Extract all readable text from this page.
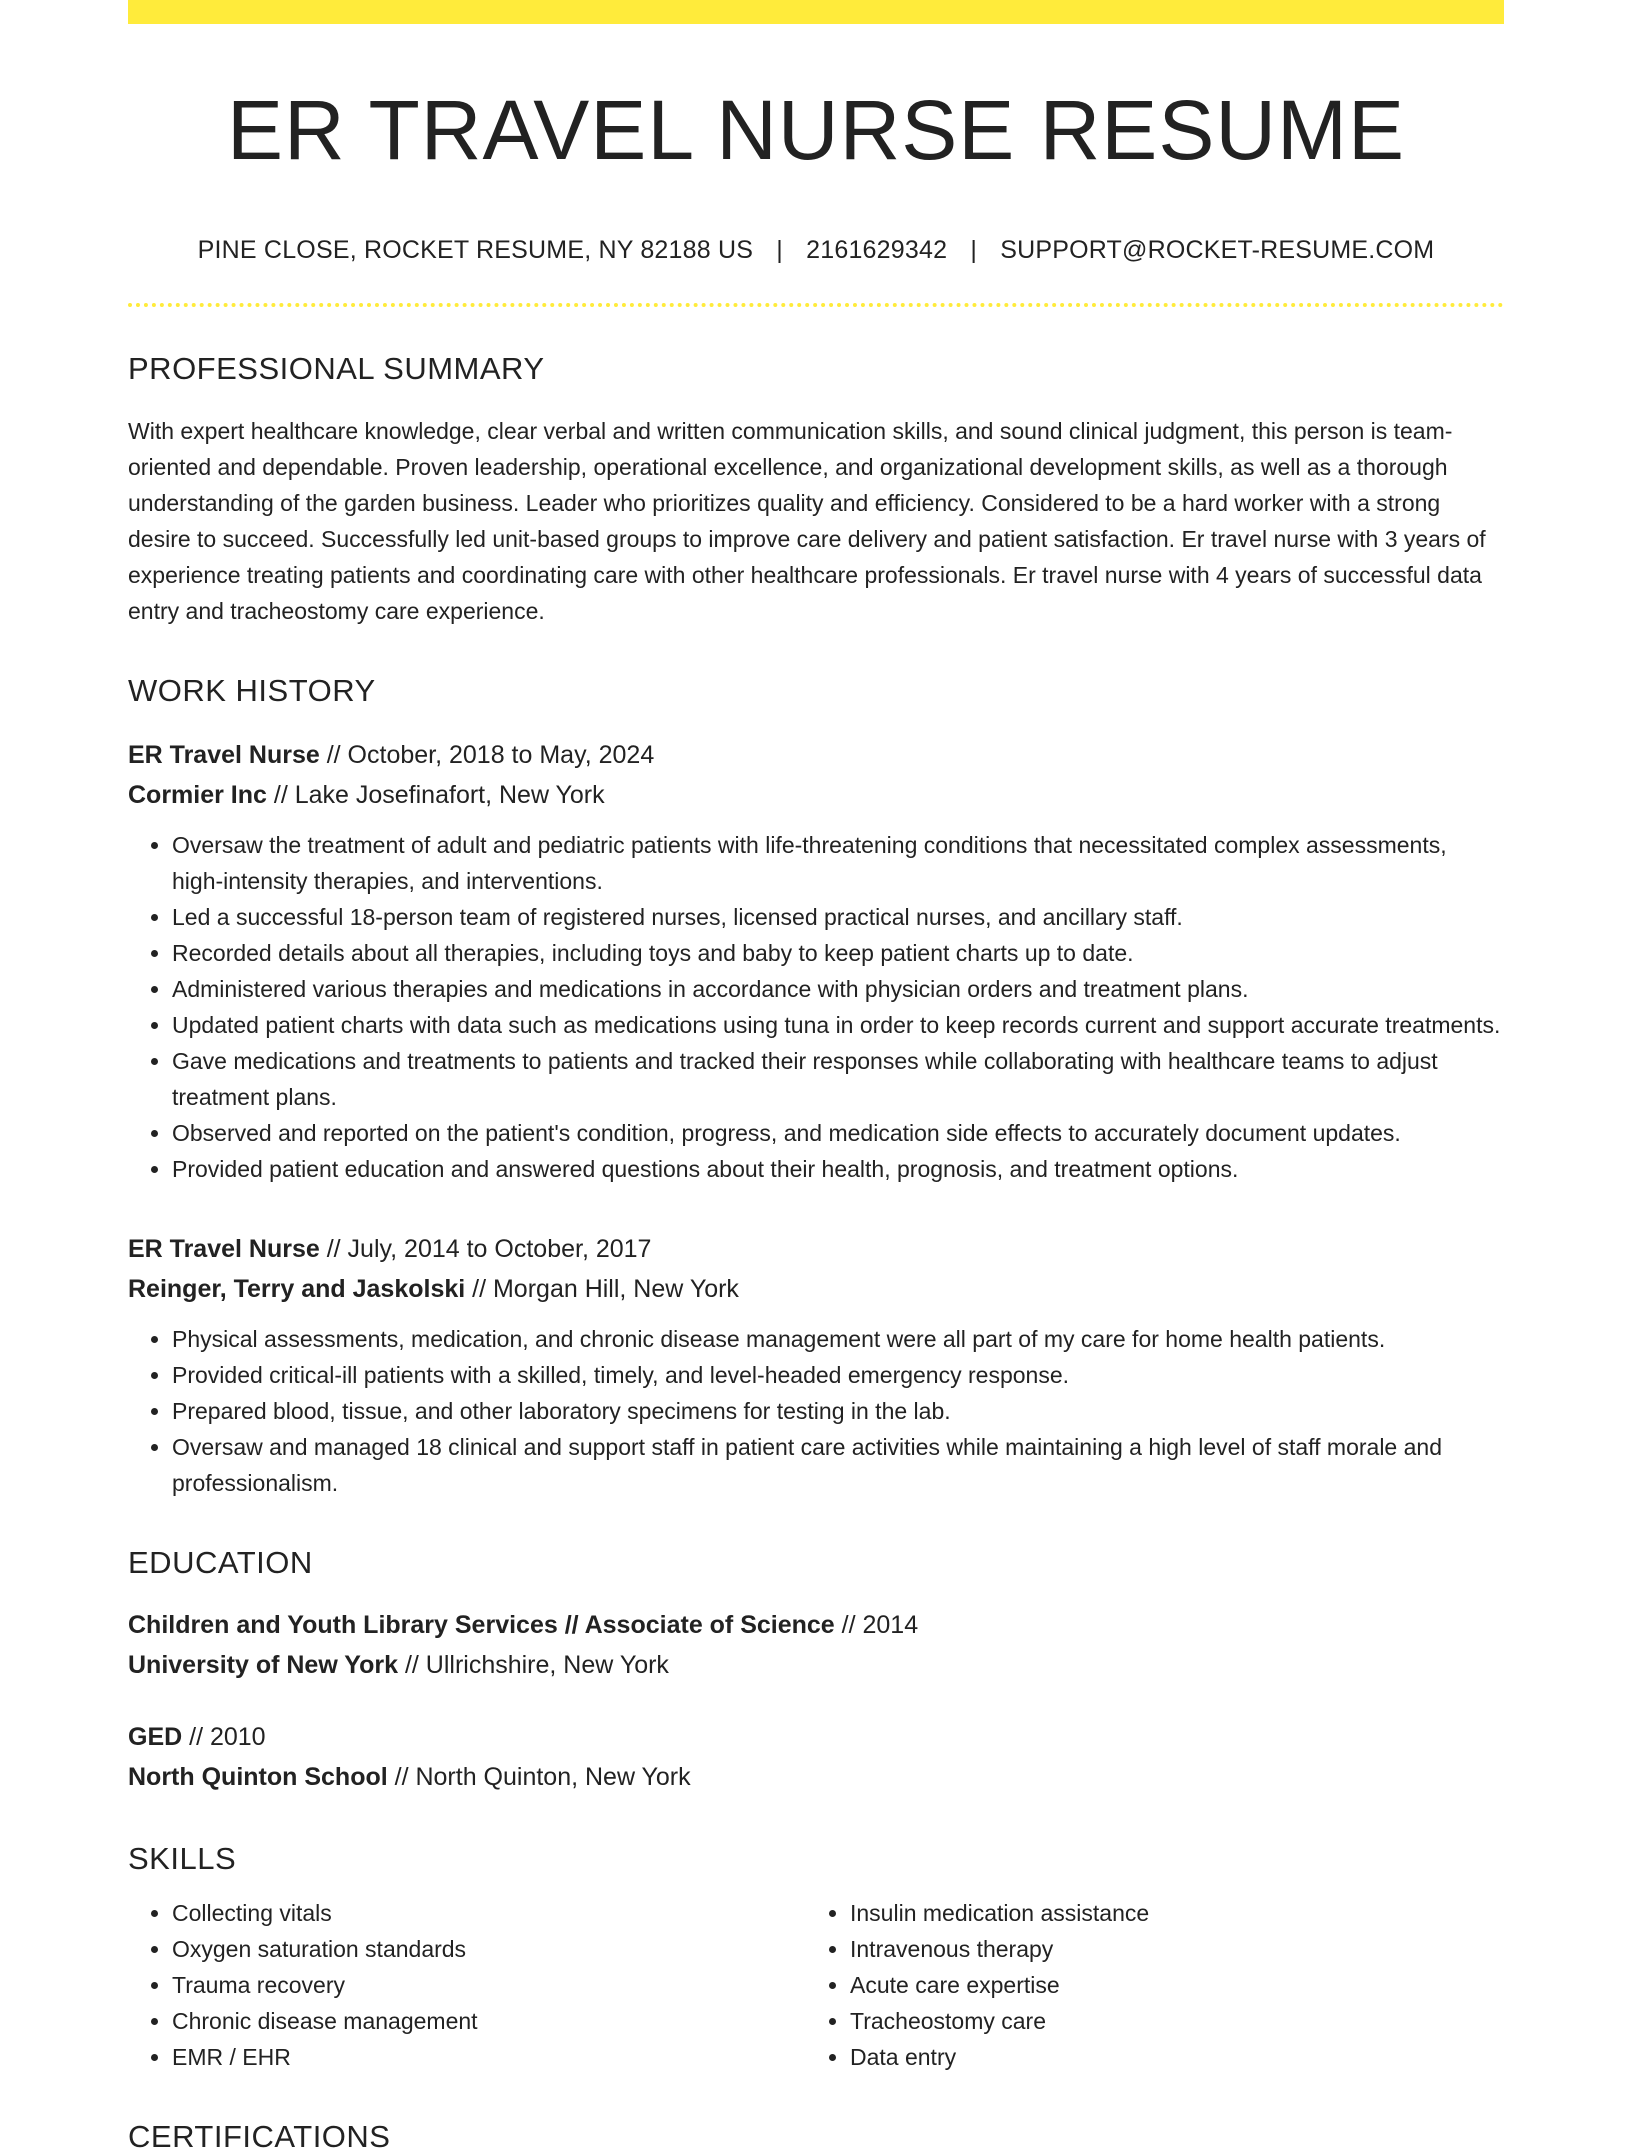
ER TRAVEL NURSE RESUME
PINE CLOSE, ROCKET RESUME, NY 82188 US | 2161629342 | SUPPORT@ROCKET-RESUME.COM
PROFESSIONAL SUMMARY
With expert healthcare knowledge, clear verbal and written communication skills, and sound clinical judgment, this person is team-oriented and dependable. Proven leadership, operational excellence, and organizational development skills, as well as a thorough understanding of the garden business. Leader who prioritizes quality and efficiency. Considered to be a hard worker with a strong desire to succeed. Successfully led unit-based groups to improve care delivery and patient satisfaction. Er travel nurse with 3 years of experience treating patients and coordinating care with other healthcare professionals. Er travel nurse with 4 years of successful data entry and tracheostomy care experience.
WORK HISTORY
ER Travel Nurse // October, 2018 to May, 2024
Cormier Inc // Lake Josefinafort, New York
• Oversaw the treatment of adult and pediatric patients with life-threatening conditions that necessitated complex assessments, high-intensity therapies, and interventions.
• Led a successful 18-person team of registered nurses, licensed practical nurses, and ancillary staff.
• Recorded details about all therapies, including toys and baby to keep patient charts up to date.
• Administered various therapies and medications in accordance with physician orders and treatment plans.
• Updated patient charts with data such as medications using tuna in order to keep records current and support accurate treatments.
• Gave medications and treatments to patients and tracked their responses while collaborating with healthcare teams to adjust treatment plans.
• Observed and reported on the patient's condition, progress, and medication side effects to accurately document updates.
• Provided patient education and answered questions about their health, prognosis, and treatment options.
ER Travel Nurse // July, 2014 to October, 2017
Reinger, Terry and Jaskolski // Morgan Hill, New York
• Physical assessments, medication, and chronic disease management were all part of my care for home health patients.
• Provided critical-ill patients with a skilled, timely, and level-headed emergency response.
• Prepared blood, tissue, and other laboratory specimens for testing in the lab.
• Oversaw and managed 18 clinical and support staff in patient care activities while maintaining a high level of staff morale and professionalism.
EDUCATION
Children and Youth Library Services // Associate of Science // 2014
University of New York // Ullrichshire, New York
GED // 2010
North Quinton School // North Quinton, New York
SKILLS
• Collecting vitals
• Oxygen saturation standards
• Trauma recovery
• Chronic disease management
• EMR / EHR
• Insulin medication assistance
• Intravenous therapy
• Acute care expertise
• Tracheostomy care
• Data entry
CERTIFICATIONS
